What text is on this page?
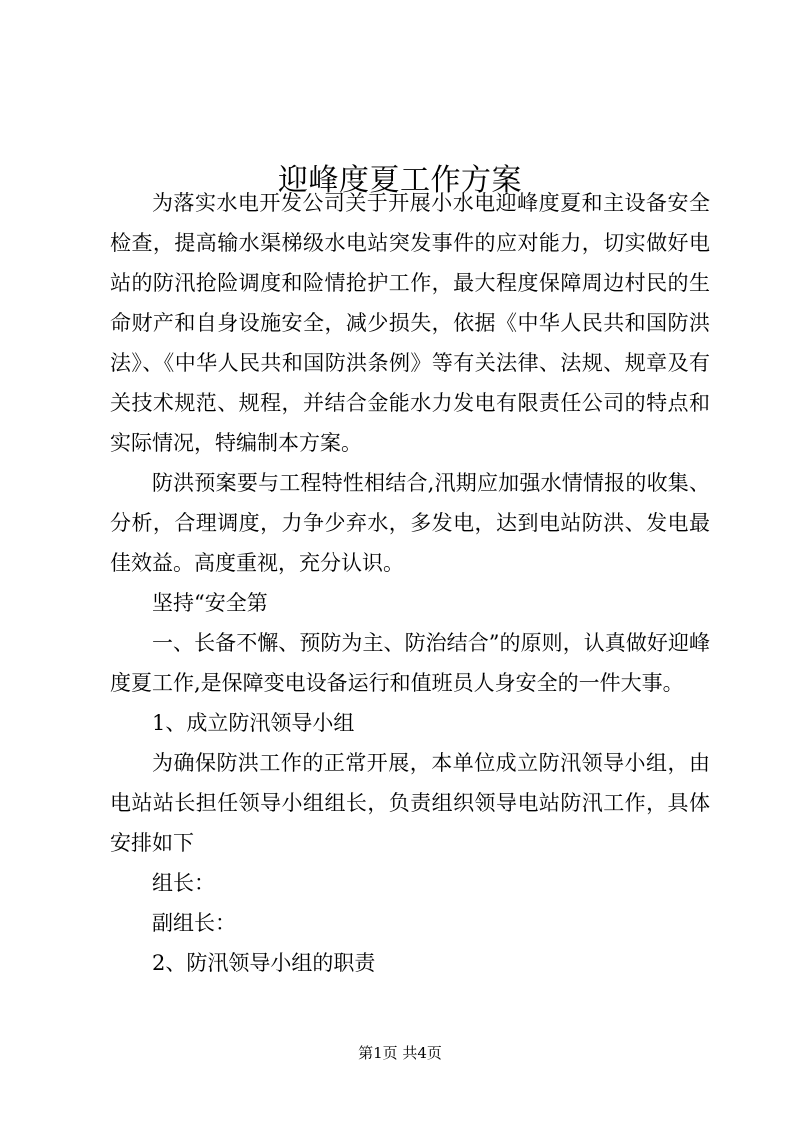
迎峰度夏工作方案

为落实水电开发公司关于开展小水电迎峰度夏和主设备安全检查，提高输水渠梯级水电站突发事件的应对能力，切实做好电站的防汛抢险调度和险情抢护工作，最大程度保障周边村民的生命财产和自身设施安全，减少损失，依据《中华人民共和国防洪法》、《中华人民共和国防洪条例》等有关法律、法规、规章及有关技术规范、规程，并结合金能水力发电有限责任公司的特点和实际情况，特编制本方案。

防洪预案要与工程特性相结合,汛期应加强水情情报的收集、分析，合理调度，力争少弃水，多发电，达到电站防洪、发电最佳效益。高度重视，充分认识。

坚持“安全第

一、长备不懈、预防为主、防治结合”的原则，认真做好迎峰度夏工作,是保障变电设备运行和值班员人身安全的一件大事。

1、成立防汛领导小组

为确保防洪工作的正常开展，本单位成立防汛领导小组，由电站站长担任领导小组组长，负责组织领导电站防汛工作，具体安排如下

组长：

副组长：

2、防汛领导小组的职责

第1页 共4页
